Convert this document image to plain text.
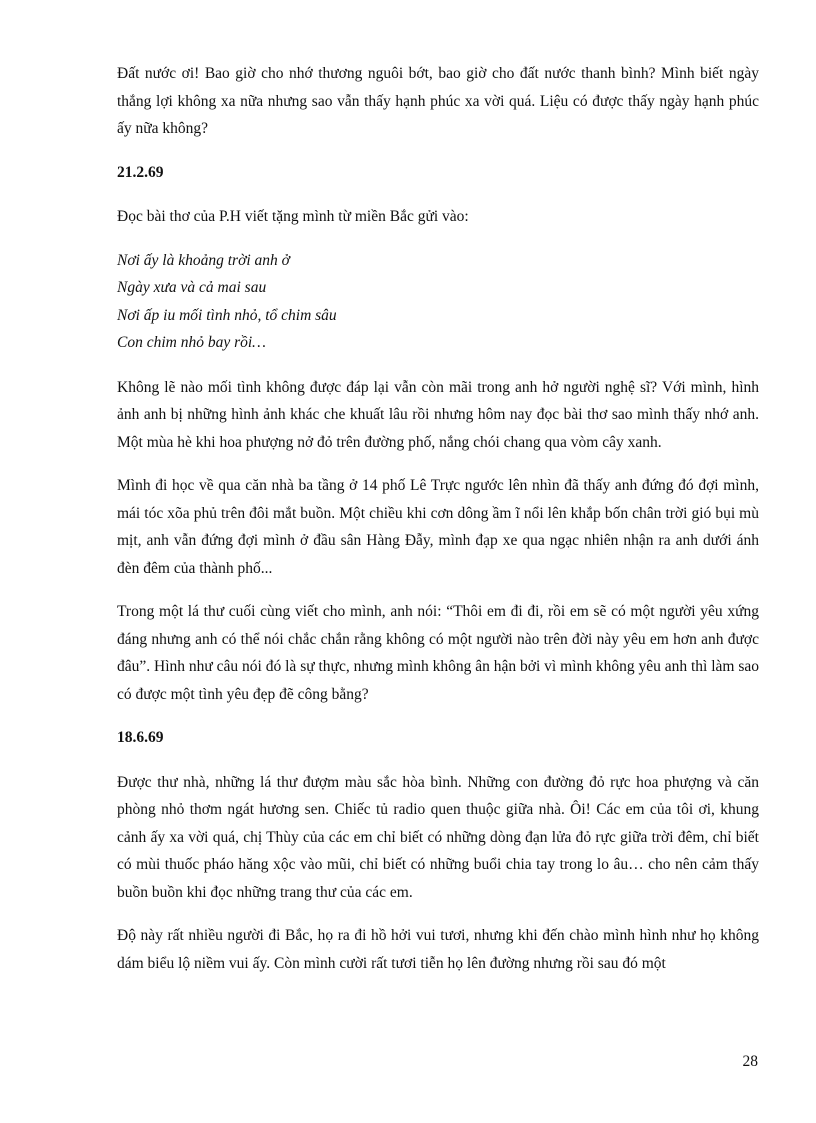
Đất nước ơi! Bao giờ cho nhớ thương nguôi bớt, bao giờ cho đất nước thanh bình? Mình biết ngày thắng lợi không xa nữa nhưng sao vẫn thấy hạnh phúc xa vời quá. Liệu có được thấy ngày hạnh phúc ấy nữa không?

21.2.69

Đọc bài thơ của P.H viết tặng mình từ miền Bắc gửi vào:

Nơi ấy là khoảng trời anh ở
Ngày xưa và cả mai sau
Nơi ấp iu mối tình nhỏ, tổ chim sâu
Con chim nhỏ bay rồi…

Không lẽ nào mối tình không được đáp lại vẫn còn mãi trong anh hở người nghệ sĩ? Với mình, hình ảnh anh bị những hình ảnh khác che khuất lâu rồi nhưng hôm nay đọc bài thơ sao mình thấy nhớ anh. Một mùa hè khi hoa phượng nở đỏ trên đường phố, nắng chói chang qua vòm cây xanh.

Mình đi học về qua căn nhà ba tầng ở 14 phố Lê Trực ngước lên nhìn đã thấy anh đứng đó đợi mình, mái tóc xõa phủ trên đôi mắt buồn. Một chiều khi cơn dông ầm ĩ nổi lên khắp bốn chân trời gió bụi mù mịt, anh vẫn đứng đợi mình ở đầu sân Hàng Đẫy, mình đạp xe qua ngạc nhiên nhận ra anh dưới ánh đèn đêm của thành phố...

Trong một lá thư cuối cùng viết cho mình, anh nói: “Thôi em đi đi, rồi em sẽ có một người yêu xứng đáng nhưng anh có thể nói chắc chắn rằng không có một người nào trên đời này yêu em hơn anh được đâu”. Hình như câu nói đó là sự thực, nhưng mình không ân hận bởi vì mình không yêu anh thì làm sao có được một tình yêu đẹp đẽ công bằng?

18.6.69

Được thư nhà, những lá thư đượm màu sắc hòa bình. Những con đường đỏ rực hoa phượng và căn phòng nhỏ thơm ngát hương sen. Chiếc tủ radio quen thuộc giữa nhà. Ôi! Các em của tôi ơi, khung cảnh ấy xa vời quá, chị Thùy của các em chỉ biết có những dòng đạn lửa đỏ rực giữa trời đêm, chỉ biết có mùi thuốc pháo hăng xộc vào mũi, chỉ biết có những buổi chia tay trong lo âu… cho nên cảm thấy buồn buồn khi đọc những trang thư của các em.

Độ này rất nhiều người đi Bắc, họ ra đi hồ hởi vui tươi, nhưng khi đến chào mình hình như họ không dám biểu lộ niềm vui ấy. Còn mình cười rất tươi tiễn họ lên đường nhưng rồi sau đó một

28
